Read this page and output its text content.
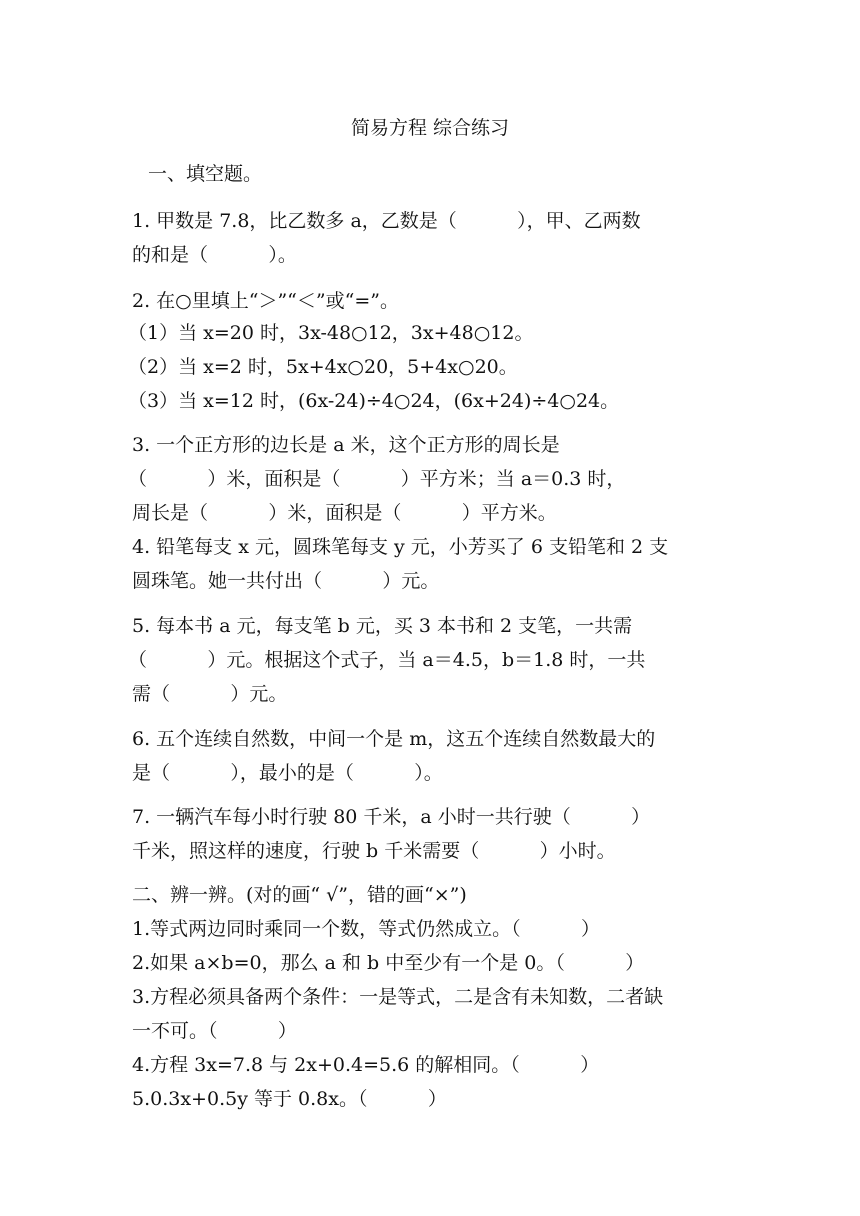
简易方程 综合练习
一、填空题。
1. 甲数是 7.8，比乙数多 a，乙数是（          ），甲、乙两数
的和是（          ）。
2. 在○里填上“＞”“＜”或“=”。
（1）当 x=20 时，3x-48○12，3x+48○12。
（2）当 x=2 时，5x+4x○20，5+4x○20。
（3）当 x=12 时，(6x-24)÷4○24，(6x+24)÷4○24。
3. 一个正方形的边长是 a 米，这个正方形的周长是
（          ）米，面积是（          ）平方米；当 a＝0.3 时，
周长是（          ）米，面积是（          ）平方米。
4. 铅笔每支 x 元，圆珠笔每支 y 元，小芳买了 6 支铅笔和 2 支
圆珠笔。她一共付出（          ）元。
5. 每本书 a 元，每支笔 b 元，买 3 本书和 2 支笔，一共需
（          ）元。根据这个式子，当 a＝4.5，b＝1.8 时，一共
需（          ）元。
6. 五个连续自然数，中间一个是 m，这五个连续自然数最大的
是（          ），最小的是（          ）。
7. 一辆汽车每小时行驶 80 千米，a 小时一共行驶（          ）
千米，照这样的速度，行驶 b 千米需要（          ）小时。
二、辨一辨。(对的画“ √”，错的画“×”)
1.等式两边同时乘同一个数，等式仍然成立。（          ）
2.如果 a×b=0，那么 a 和 b 中至少有一个是 0。（          ）
3.方程必须具备两个条件：一是等式，二是含有未知数，二者缺
一不可。（          ）
4.方程 3x=7.8 与 2x+0.4=5.6 的解相同。（          ）
5.0.3x+0.5y 等于 0.8x。（          ）
